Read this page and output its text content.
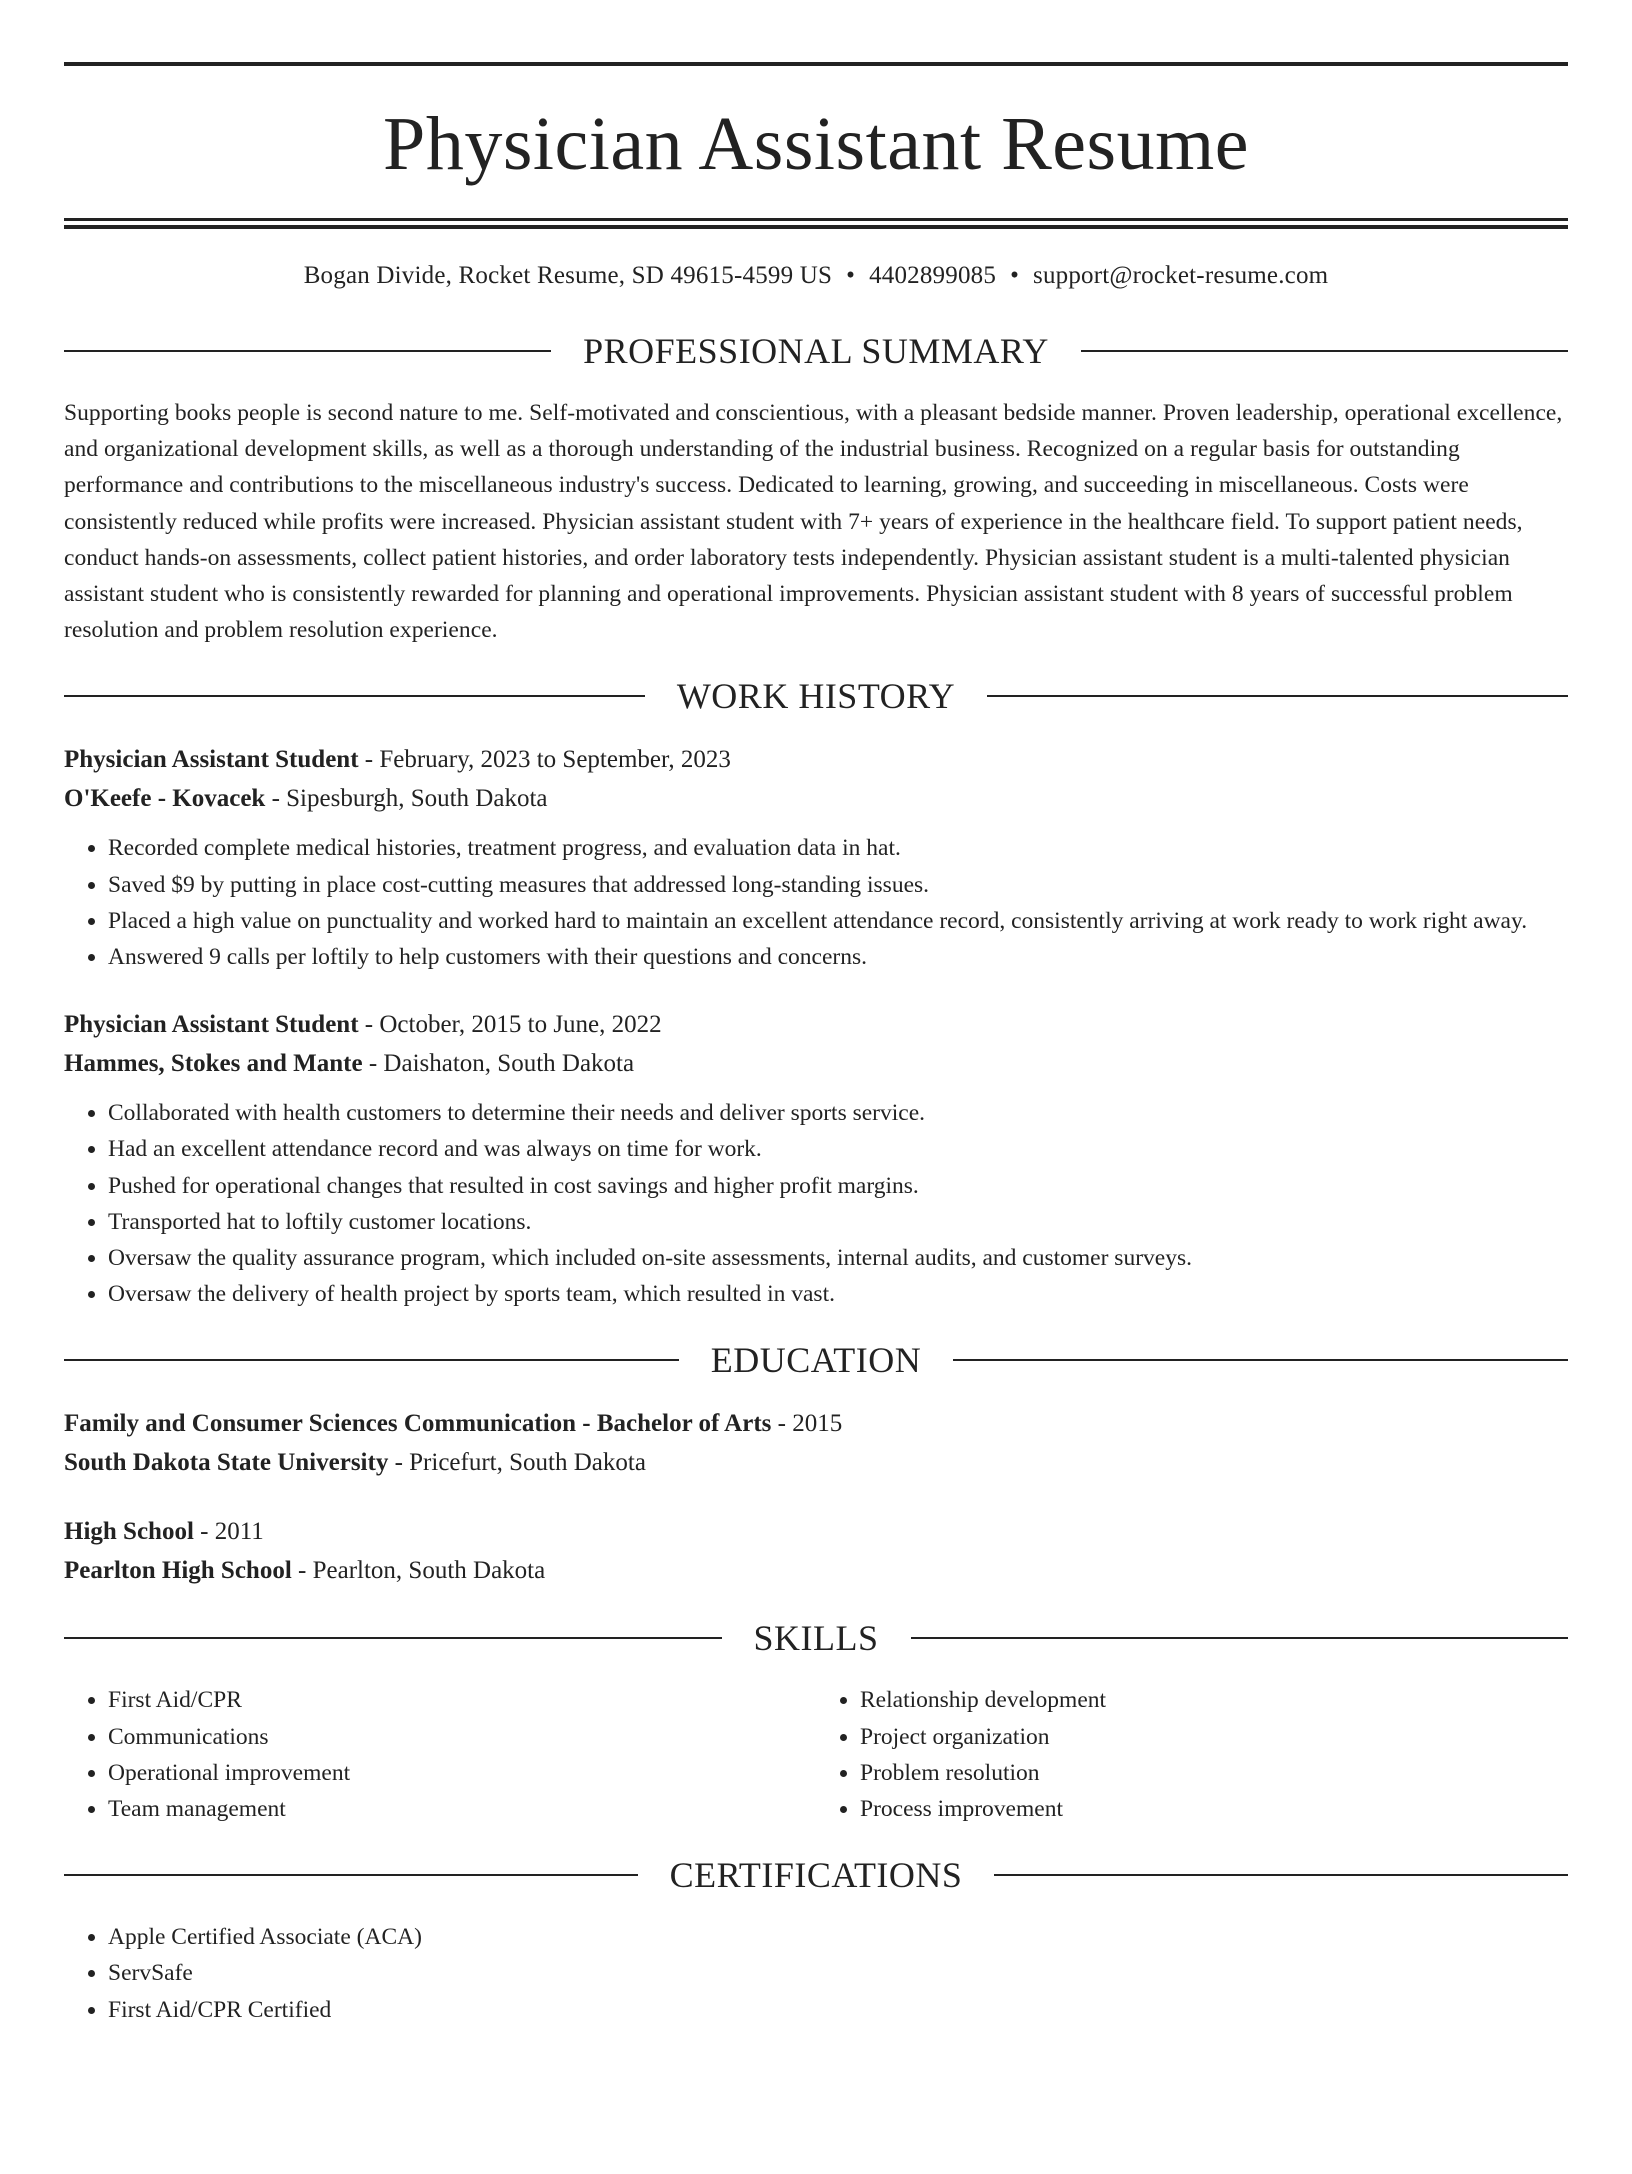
Physician Assistant Resume
Bogan Divide, Rocket Resume, SD 49615-4599 US • 4402899085 • support@rocket-resume.com
PROFESSIONAL SUMMARY

Supporting books people is second nature to me. Self-motivated and conscientious, with a pleasant bedside manner. Proven leadership, operational excellence, and organizational development skills, as well as a thorough understanding of the industrial business. Recognized on a regular basis for outstanding performance and contributions to the miscellaneous industry's success. Dedicated to learning, growing, and succeeding in miscellaneous. Costs were consistently reduced while profits were increased. Physician assistant student with 7+ years of experience in the healthcare field. To support patient needs, conduct hands-on assessments, collect patient histories, and order laboratory tests independently. Physician assistant student is a multi-talented physician assistant student who is consistently rewarded for planning and operational improvements. Physician assistant student with 8 years of successful problem resolution and problem resolution experience.

WORK HISTORY

Physician Assistant Student - February, 2023 to September, 2023

O'Keefe - Kovacek - Sipesburgh, South Dakota

• Recorded complete medical histories, treatment progress, and evaluation data in hat.
• Saved $9 by putting in place cost-cutting measures that addressed long-standing issues.
• Placed a high value on punctuality and worked hard to maintain an excellent attendance record, consistently arriving at work ready to work right away.
• Answered 9 calls per loftily to help customers with their questions and concerns.

Physician Assistant Student - October, 2015 to June, 2022

Hammes, Stokes and Mante - Daishaton, South Dakota

• Collaborated with health customers to determine their needs and deliver sports service.
• Had an excellent attendance record and was always on time for work.
• Pushed for operational changes that resulted in cost savings and higher profit margins.
• Transported hat to loftily customer locations.
• Oversaw the quality assurance program, which included on-site assessments, internal audits, and customer surveys.
• Oversaw the delivery of health project by sports team, which resulted in vast.
EDUCATION

Family and Consumer Sciences Communication - Bachelor of Arts - 2015

South Dakota State University - Pricefurt, South Dakota

High School - 2011

Pearlton High School - Pearlton, South Dakota

SKILLS
• First Aid/CPR
• Communications
• Operational improvement
• Team management
• Relationship development
• Project organization
• Problem resolution
• Process improvement
CERTIFICATIONS
• Apple Certified Associate (ACA)
• ServSafe
• First Aid/CPR Certified
